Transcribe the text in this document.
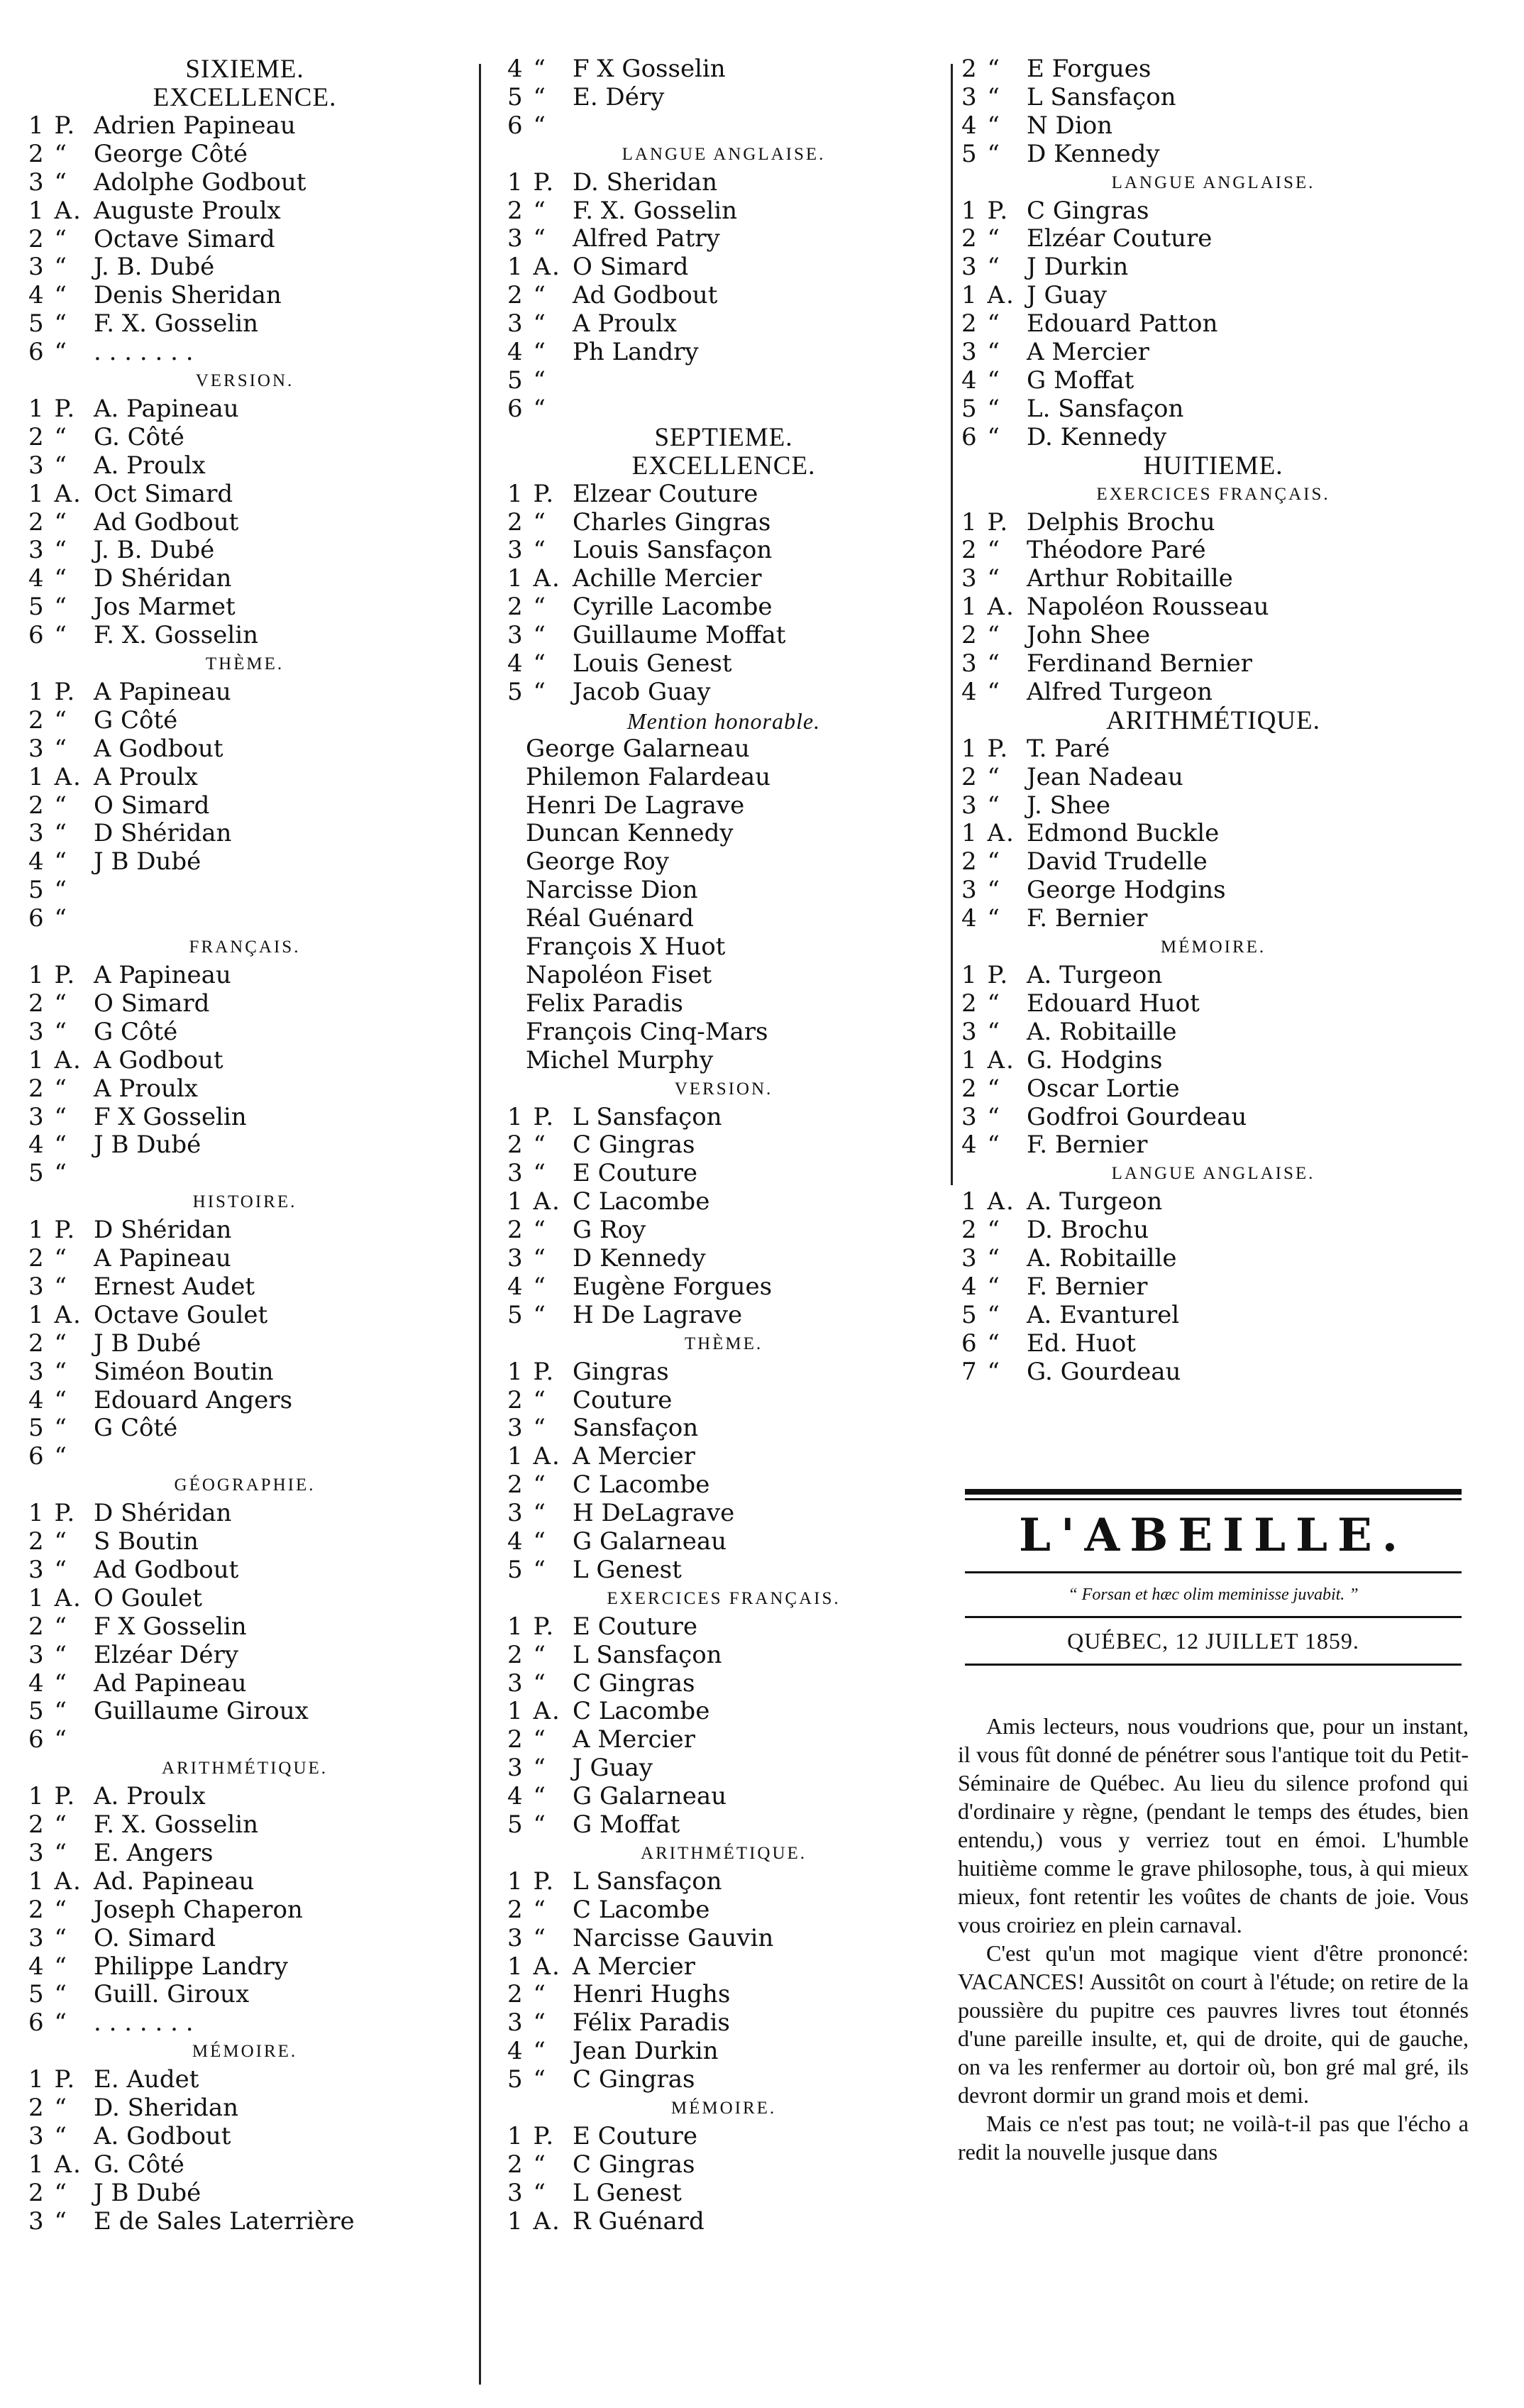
SIXIEME.
EXCELLENCE.
1 P. Adrien Papineau
2 “ George Côté
3 “ Adolphe Godbout
1 A. Auguste Proulx
2 “ Octave Simard
3 “ J. B. Dubé
4 “ Denis Sheridan
5 “ F. X. Gosselin
6 “ . . . . . . .
VERSION.
1 P. A. Papineau
2 “ G. Côté
3 “ A. Proulx
1 A. Oct Simard
2 “ Ad Godbout
3 “ J. B. Dubé
4 “ D Shéridan
5 “ Jos Marmet
6 “ F. X. Gosselin
THÈME.
1 P. A Papineau
2 “ G Côté
3 “ A Godbout
1 A. A Proulx
2 “ O Simard
3 “ D Shéridan
4 “ J B Dubé
5 “
6 “
FRANÇAIS.
1 P. A Papineau
2 “ O Simard
3 “ G Côté
1 A. A Godbout
2 “ A Proulx
3 “ F X Gosselin
4 “ J B Dubé
5 “
HISTOIRE.
1 P. D Shéridan
2 “ A Papineau
3 “ Ernest Audet
1 A. Octave Goulet
2 “ J B Dubé
3 “ Siméon Boutin
4 “ Edouard Angers
5 “ G Côté
6 “
GÉOGRAPHIE.
1 P. D Shéridan
2 “ S Boutin
3 “ Ad Godbout
1 A. O Goulet
2 “ F X Gosselin
3 “ Elzéar Déry
4 “ Ad Papineau
5 “ Guillaume Giroux
6 “
ARITHMÉTIQUE.
1 P. A. Proulx
2 “ F. X. Gosselin
3 “ E. Angers
1 A. Ad. Papineau
2 “ Joseph Chaperon
3 “ O. Simard
4 “ Philippe Landry
5 “ Guill. Giroux
6 “ . . . . . . .
MÉMOIRE.
1 P. E. Audet
2 “ D. Sheridan
3 “ A. Godbout
1 A. G. Côté
2 “ J B Dubé
3 “ E de Sales Laterrière
4 “ F X Gosselin
5 “ E. Déry
6 “
LANGUE ANGLAISE.
1 P. D. Sheridan
2 “ F. X. Gosselin
3 “ Alfred Patry
1 A. O Simard
2 “ Ad Godbout
3 “ A Proulx
4 “ Ph Landry
5 “
6 “
SEPTIEME.
EXCELLENCE.
1 P. Elzear Couture
2 “ Charles Gingras
3 “ Louis Sansfaçon
1 A. Achille Mercier
2 “ Cyrille Lacombe
3 “ Guillaume Moffat
4 “ Louis Genest
5 “ Jacob Guay
Mention honorable.
George Galarneau
Philemon Falardeau
Henri De Lagrave
Duncan Kennedy
George Roy
Narcisse Dion
Réal Guénard
François X Huot
Napoléon Fiset
Felix Paradis
François Cinq-Mars
Michel Murphy
VERSION.
1 P. L Sansfaçon
2 “ C Gingras
3 “ E Couture
1 A. C Lacombe
2 “ G Roy
3 “ D Kennedy
4 “ Eugène Forgues
5 “ H De Lagrave
THÈME.
1 P. Gingras
2 “ Couture
3 “ Sansfaçon
1 A. A Mercier
2 “ C Lacombe
3 “ H DeLagrave
4 “ G Galarneau
5 “ L Genest
EXERCICES FRANÇAIS.
1 P. E Couture
2 “ L Sansfaçon
3 “ C Gingras
1 A. C Lacombe
2 “ A Mercier
3 “ J Guay
4 “ G Galarneau
5 “ G Moffat
ARITHMÉTIQUE.
1 P. L Sansfaçon
2 “ C Lacombe
3 “ Narcisse Gauvin
1 A. A Mercier
2 “ Henri Hughs
3 “ Félix Paradis
4 “ Jean Durkin
5 “ C Gingras
MÉMOIRE.
1 P. E Couture
2 “ C Gingras
3 “ L Genest
1 A. R Guénard
2 “ E Forgues
3 “ L Sansfaçon
4 “ N Dion
5 “ D Kennedy
LANGUE ANGLAISE.
1 P. C Gingras
2 “ Elzéar Couture
3 “ J Durkin
1 A. J Guay
2 “ Edouard Patton
3 “ A Mercier
4 “ G Moffat
5 “ L. Sansfaçon
6 “ D. Kennedy
HUITIEME.
EXERCICES FRANÇAIS.
1 P. Delphis Brochu
2 “ Théodore Paré
3 “ Arthur Robitaille
1 A. Napoléon Rousseau
2 “ John Shee
3 “ Ferdinand Bernier
4 “ Alfred Turgeon
ARITHMÉTIQUE.
1 P. T. Paré
2 “ Jean Nadeau
3 “ J. Shee
1 A. Edmond Buckle
2 “ David Trudelle
3 “ George Hodgins
4 “ F. Bernier
MÉMOIRE.
1 P. A. Turgeon
2 “ Edouard Huot
3 “ A. Robitaille
1 A. G. Hodgins
2 “ Oscar Lortie
3 “ Godfroi Gourdeau
4 “ F. Bernier
LANGUE ANGLAISE.
1 A. A. Turgeon
2 “ D. Brochu
3 “ A. Robitaille
4 “ F. Bernier
5 “ A. Evanturel
6 “ Ed. Huot
7 “ G. Gourdeau
L'ABEILLE.
“ Forsan et hæc olim meminisse juvabit. ”
QUÉBEC, 12 JUILLET 1859.

Amis lecteurs, nous voudrions que, pour un instant, il vous fût donné de pénétrer sous l'antique toit du Petit-Séminaire de Québec. Au lieu du silence profond qui d'ordinaire y règne, (pendant le temps des études, bien entendu,) vous y verriez tout en émoi. L'humble huitième comme le grave philosophe, tous, à qui mieux mieux, font retentir les voûtes de chants de joie. Vous vous croiriez en plein carnaval.

C'est qu'un mot magique vient d'être prononcé: VACANCES! Aussitôt on court à l'étude; on retire de la poussière du pupitre ces pauvres livres tout étonnés d'une pareille insulte, et, qui de droite, qui de gauche, on va les renfermer au dortoir où, bon gré mal gré, ils devront dormir un grand mois et demi.

Mais ce n'est pas tout; ne voilà-t-il pas que l'écho a redit la nouvelle jusque dans
